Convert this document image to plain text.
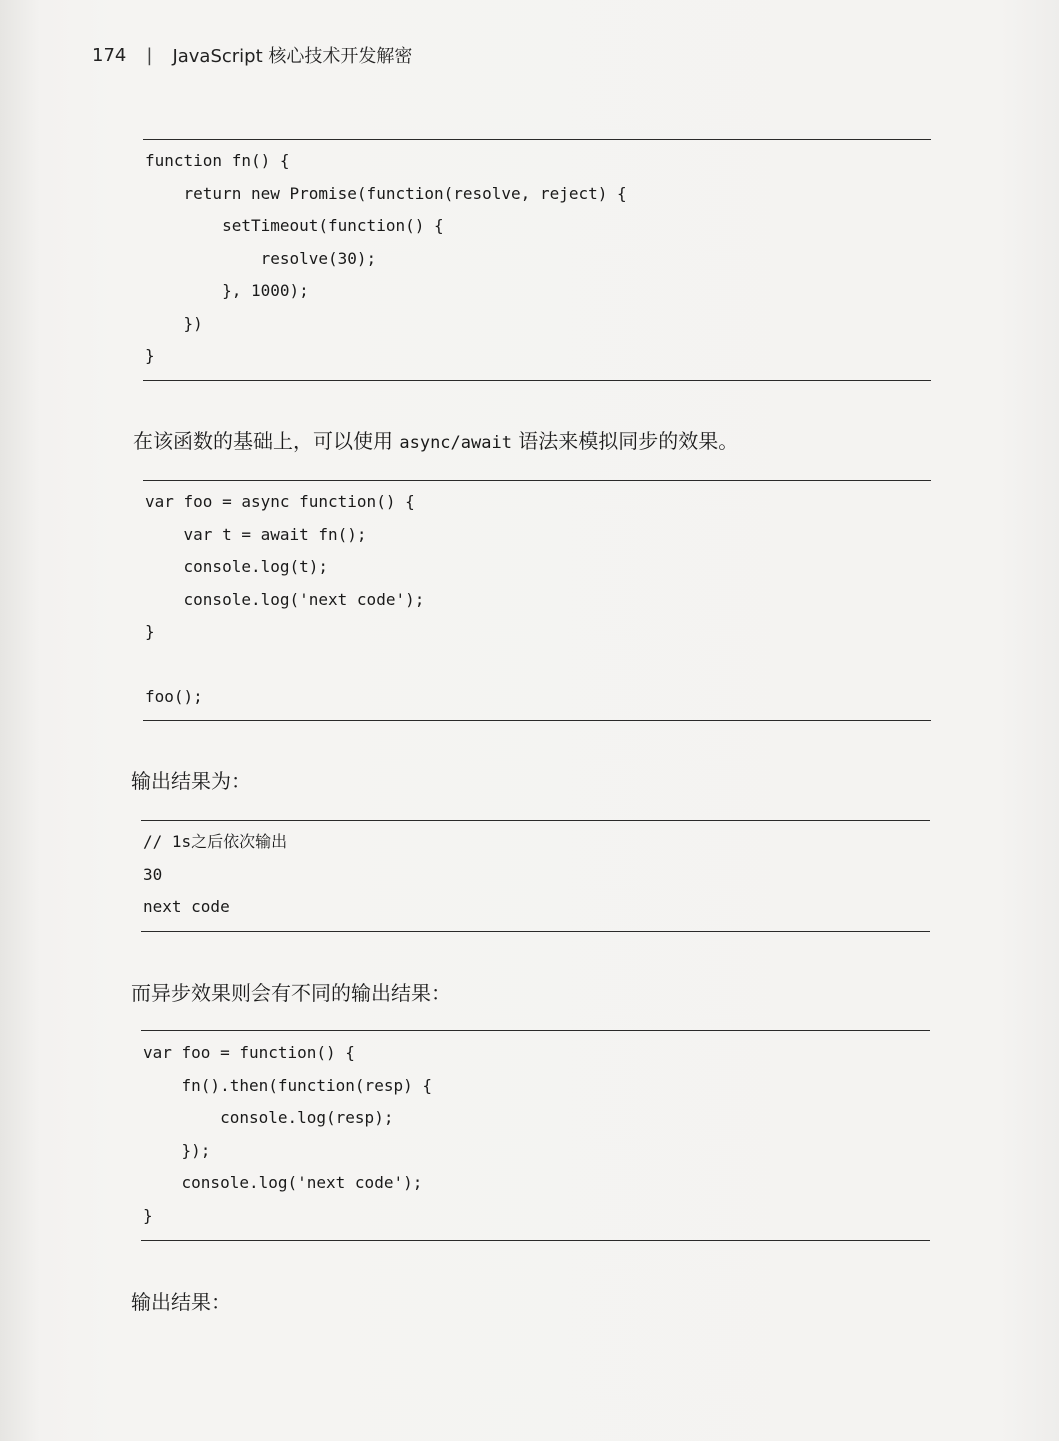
174 | JavaScript 核心技术开发解密
function fn() {
return new Promise(function(resolve, reject) {
setTimeout(function() {
resolve(30);
}, 1000);
})
}
在该函数的基础上，可以使用 async/await 语法来模拟同步的效果。
var foo = async function() {
var t = await fn();
console.log(t);
console.log('next code');
}
foo();
输出结果为：
// 1s之后依次输出
30
next code
而异步效果则会有不同的输出结果：
var foo = function() {
fn().then(function(resp) {
console.log(resp);
});
console.log('next code');
}
输出结果：
